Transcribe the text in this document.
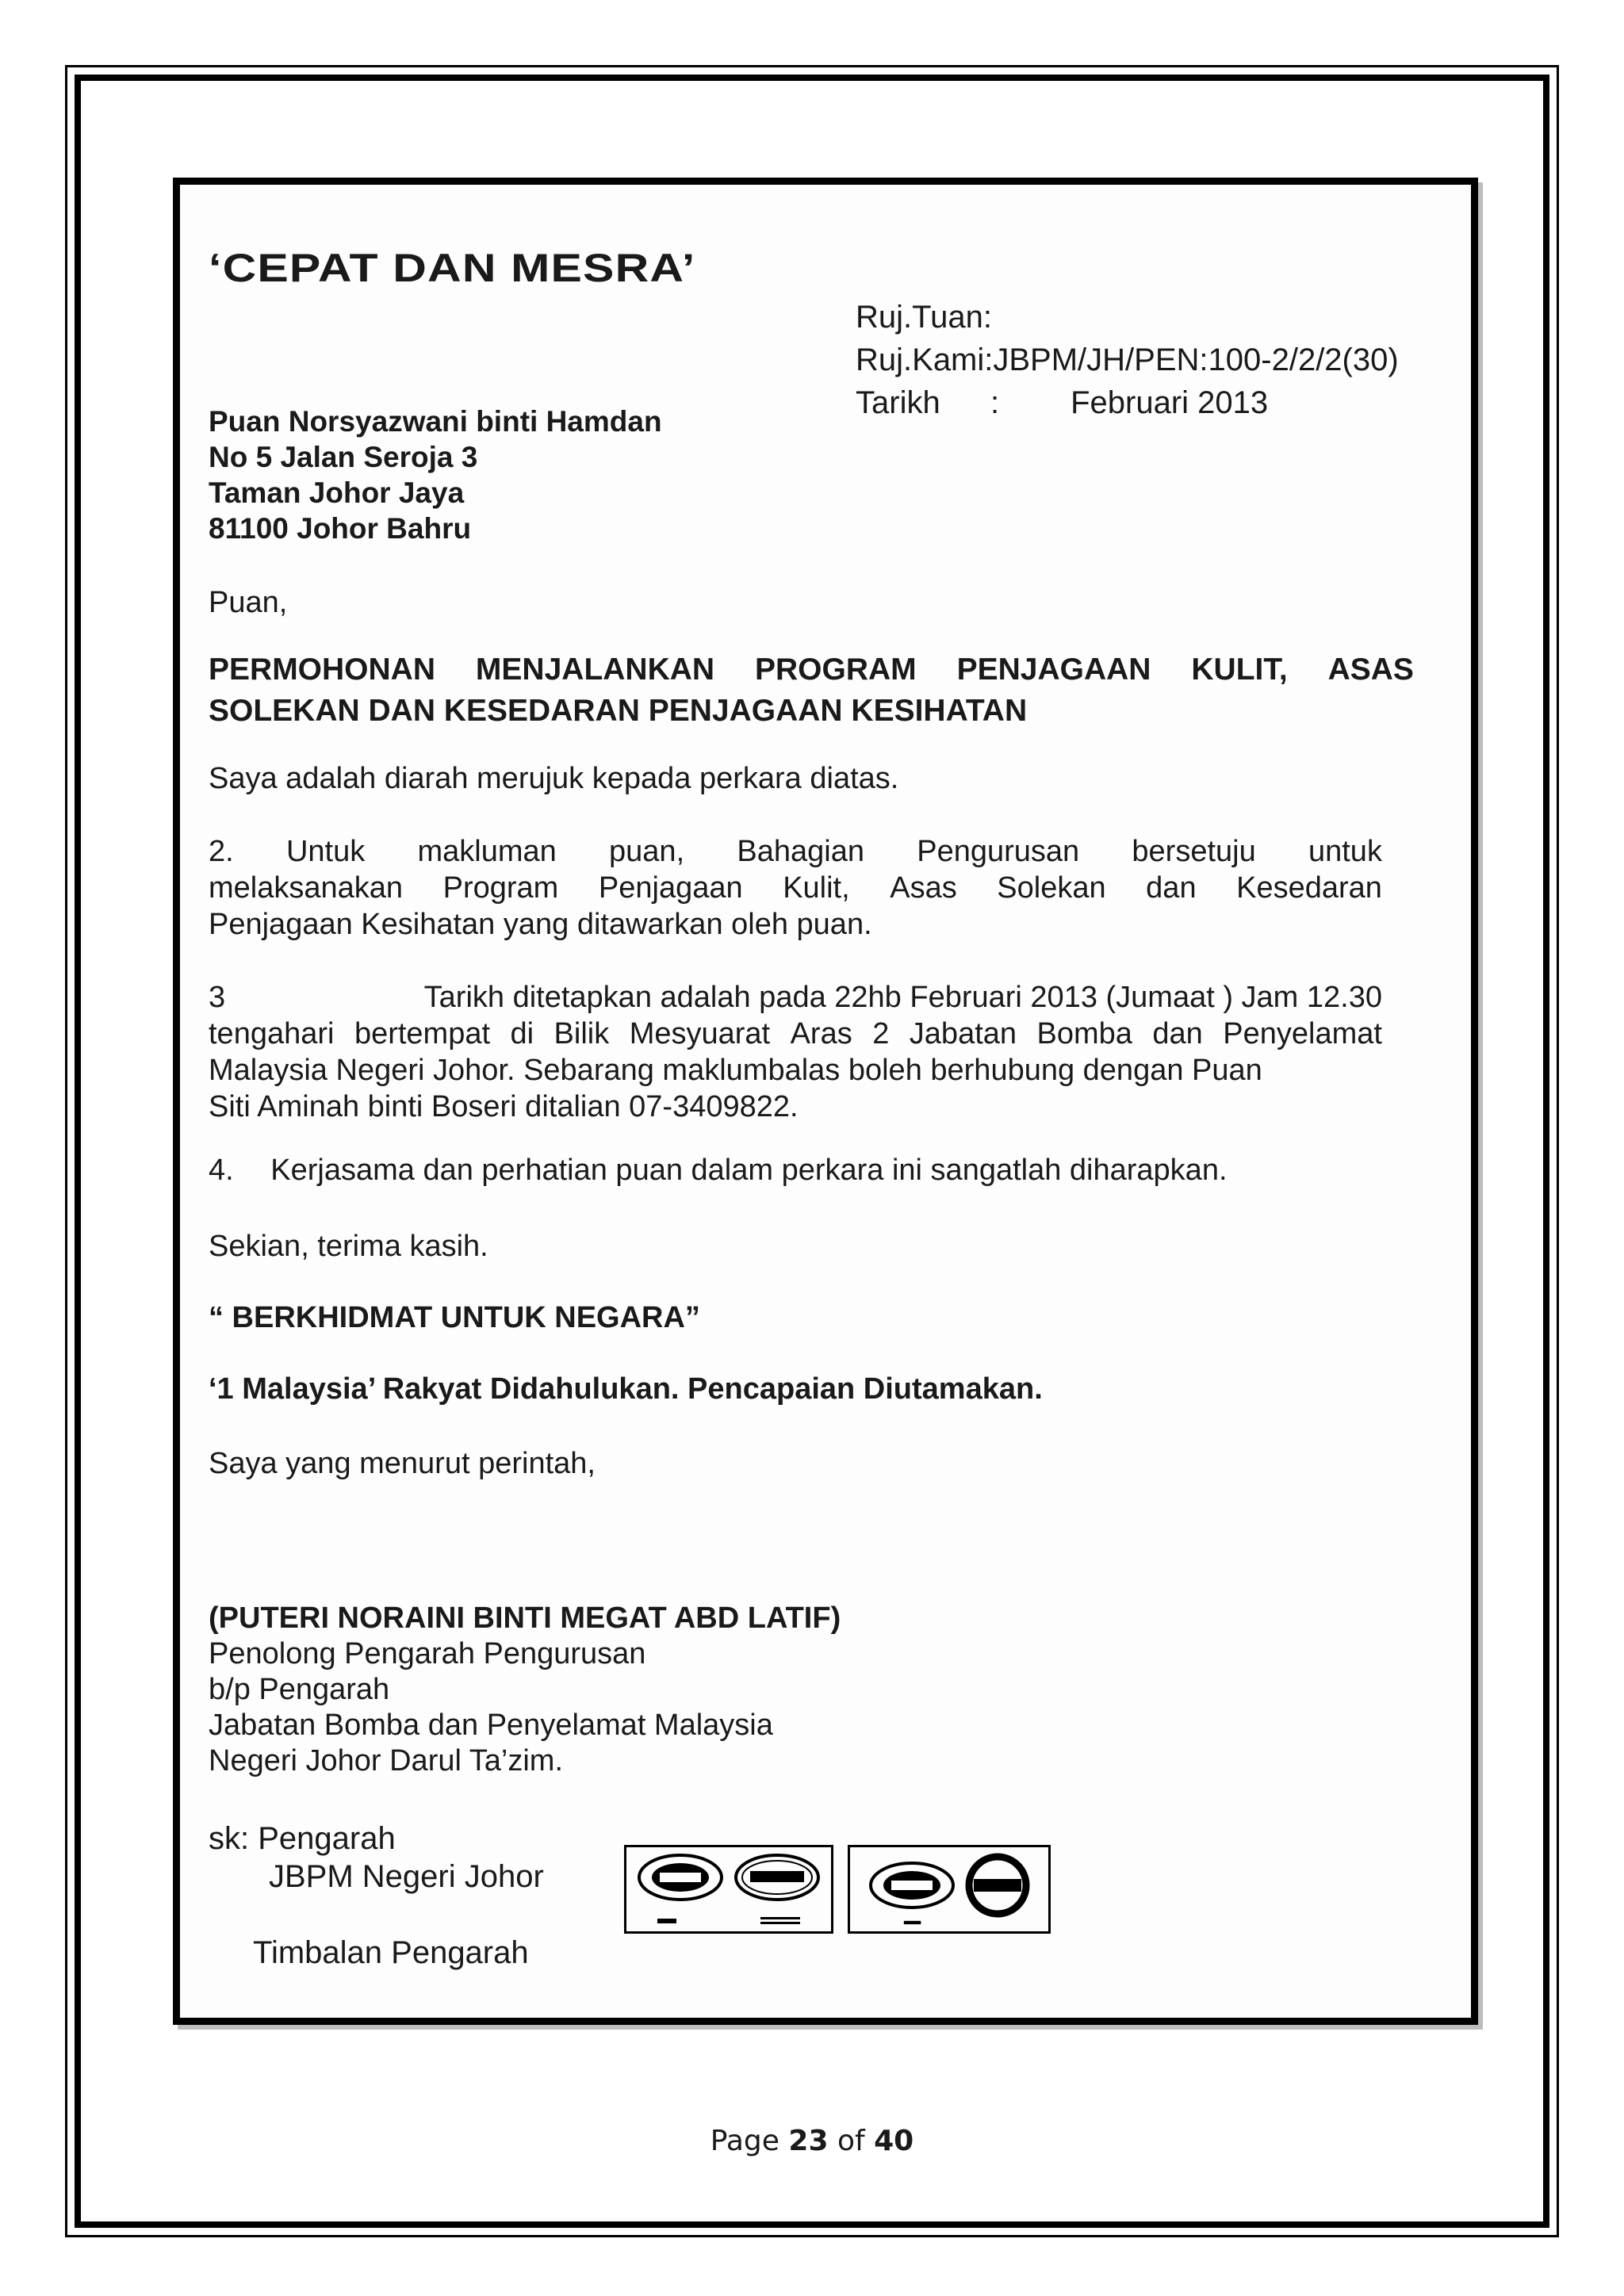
‘CEPAT DAN MESRA’
Ruj.Tuan:
Ruj.Kami:JBPM/JH/PEN:100-2/2/2(30)
Tarikh	: Februari 2013
Puan Norsyazwani binti Hamdan
No 5 Jalan Seroja 3
Taman Johor Jaya
81100 Johor Bahru
Puan,
PERMOHONAN MENJALANKAN PROGRAM PENJAGAAN KULIT, ASAS
SOLEKAN DAN KESEDARAN PENJAGAAN KESIHATAN
Saya adalah diarah merujuk kepada perkara diatas.
2. Untuk makluman puan, Bahagian Pengurusan bersetuju untuk
melaksanakan Program Penjagaan Kulit, Asas Solekan dan Kesedaran
Penjagaan Kesihatan yang ditawarkan oleh puan.
3	Tarikh ditetapkan adalah pada 22hb Februari 2013 (Jumaat ) Jam 12.30
tengahari bertempat di Bilik Mesyuarat Aras 2 Jabatan Bomba dan Penyelamat
Malaysia Negeri Johor. Sebarang maklumbalas boleh berhubung dengan Puan
Siti Aminah binti Boseri ditalian 07-3409822.
4. Kerjasama dan perhatian puan dalam perkara ini sangatlah diharapkan.
Sekian, terima kasih.
“ BERKHIDMAT UNTUK NEGARA”
‘1 Malaysia’ Rakyat Didahulukan. Pencapaian Diutamakan.
Saya yang menurut perintah,
(PUTERI NORAINI BINTI MEGAT ABD LATIF)
Penolong Pengarah Pengurusan
b/p Pengarah
Jabatan Bomba dan Penyelamat Malaysia
Negeri Johor Darul Ta’zim.
sk: Pengarah
JBPM Negeri Johor
Timbalan Pengarah
Page 23 of 40
